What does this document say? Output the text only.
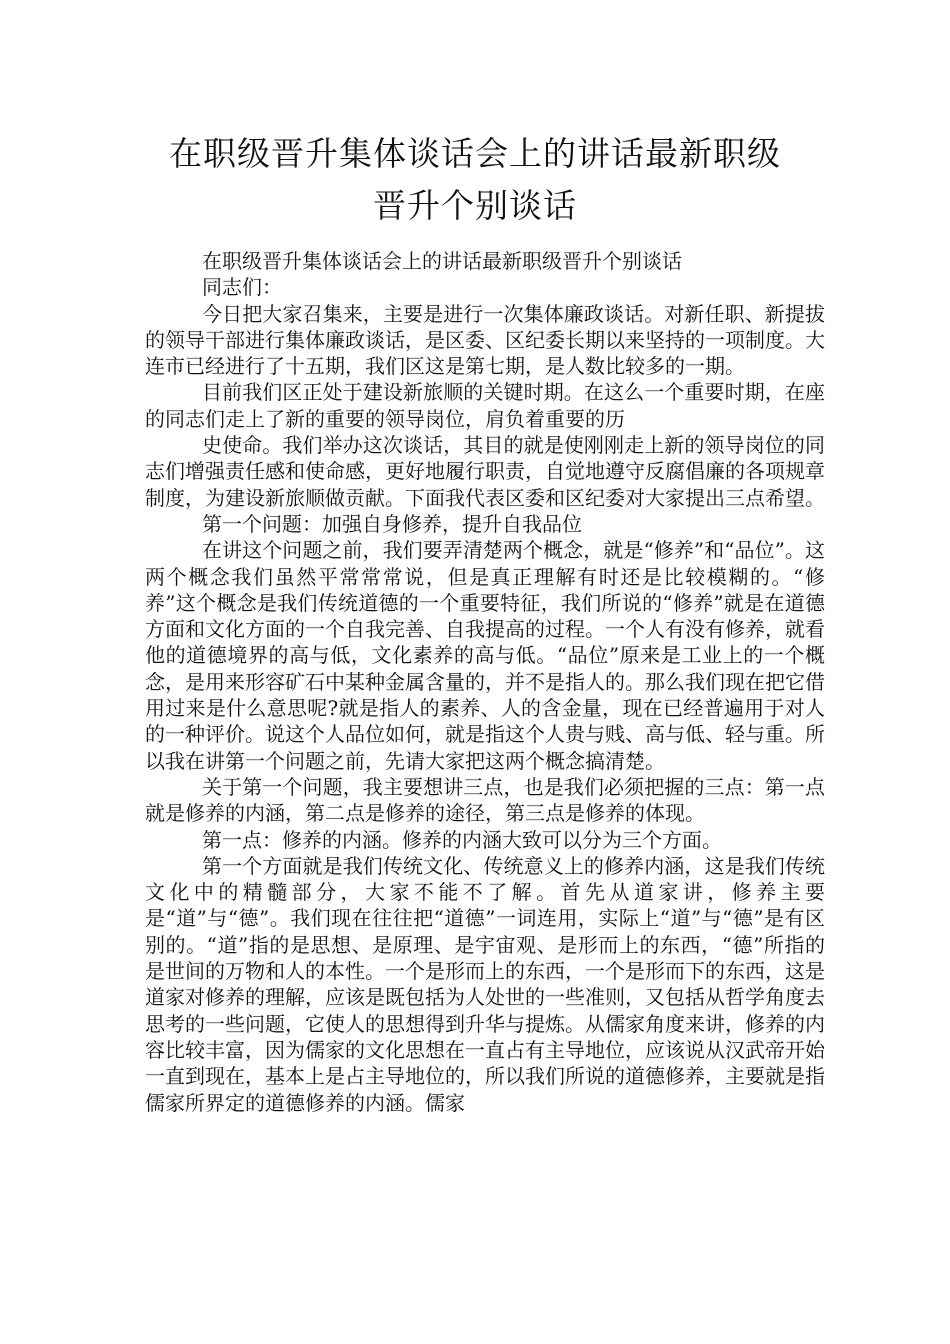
在职级晋升集体谈话会上的讲话最新职级
晋升个别谈话

在职级晋升集体谈话会上的讲话最新职级晋升个别谈话

同志们：

今日把大家召集来，主要是进行一次集体廉政谈话。对新任职、新提拔的领导干部进行集体廉政谈话，是区委、区纪委长期以来坚持的一项制度。大连市已经进行了十五期，我们区这是第七期，是人数比较多的一期。

目前我们区正处于建设新旅顺的关键时期。在这么一个重要时期，在座的同志们走上了新的重要的领导岗位，肩负着重要的历

史使命。我们举办这次谈话，其目的就是使刚刚走上新的领导岗位的同志们增强责任感和使命感，更好地履行职责，自觉地遵守反腐倡廉的各项规章制度，为建设新旅顺做贡献。下面我代表区委和区纪委对大家提出三点希望。

第一个问题：加强自身修养，提升自我品位

在讲这个问题之前，我们要弄清楚两个概念，就是“修养”和“品位”。这两个概念我们虽然平常常常说，但是真正理解有时还是比较模糊的。“修养”这个概念是我们传统道德的一个重要特征，我们所说的“修养”就是在道德方面和文化方面的一个自我完善、自我提高的过程。一个人有没有修养，就看他的道德境界的高与低，文化素养的高与低。“品位”原来是工业上的一个概念，是用来形容矿石中某种金属含量的，并不是指人的。那么我们现在把它借用过来是什么意思呢?就是指人的素养、人的含金量，现在已经普遍用于对人的一种评价。说这个人品位如何，就是指这个人贵与贱、高与低、轻与重。所以我在讲第一个问题之前，先请大家把这两个概念搞清楚。

关于第一个问题，我主要想讲三点，也是我们必须把握的三点：第一点就是修养的内涵，第二点是修养的途径，第三点是修养的体现。

第一点：修养的内涵。修养的内涵大致可以分为三个方面。

第一个方面就是我们传统文化、传统意义上的修养内涵，这是我们传统文化中的精髓部分，大家不能不了解。首先从道家讲，修养主要是“道”与“德”。我们现在往往把“道德”一词连用，实际上“道”与“德”是有区别的。“道”指的是思想、是原理、是宇宙观、是形而上的东西，“德”所指的是世间的万物和人的本性。一个是形而上的东西，一个是形而下的东西，这是道家对修养的理解，应该是既包括为人处世的一些准则，又包括从哲学角度去思考的一些问题，它使人的思想得到升华与提炼。从儒家角度来讲，修养的内容比较丰富，因为儒家的文化思想在一直占有主导地位，应该说从汉武帝开始一直到现在，基本上是占主导地位的，所以我们所说的道德修养，主要就是指儒家所界定的道德修养的内涵。儒家
